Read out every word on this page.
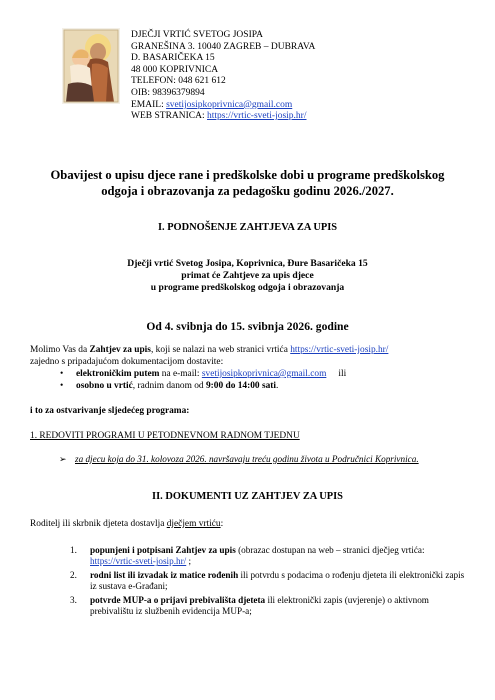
DJEČJI VRTIĆ SVETOG JOSIPA
GRANEŠINA 3. 10040 ZAGREB – DUBRAVA
D. BASARIČEKA 15
48 000 KOPRIVNICA
TELEFON: 048 621 612
OIB: 98396379894
EMAIL: svetijosipkoprivnica@gmail.com
WEB STRANICA: https://vrtic-sveti-josip.hr/
Obavijest o upisu djece rane i predškolske dobi u programe predškolskog odgoja i obrazovanja za pedagošku godinu 2026./2027.
I. PODNOŠENJE ZAHTJEVA ZA UPIS
Dječji vrtić Svetog Josipa, Koprivnica, Đure Basaričeka 15
primat će Zahtjeve za upis djece
u programe predškolskog odgoja i obrazovanja
Od 4. svibnja do 15. svibnja 2026. godine
Molimo Vas da Zahtjev za upis, koji se nalazi na web stranici vrtića https://vrtic-sveti-josip.hr/
zajedno s pripadajućom dokumentacijom dostavite:
• elektroničkim putem na e-mail: svetijosipkoprivnica@gmail.com ili
• osobno u vrtić, radnim danom od 9:00 do 14:00 sati.
i to za ostvarivanje sljedećeg programa:
1. REDOVITI PROGRAMI U PETODNEVNOM RADNOM TJEDNU
➢ za djecu koja do 31. kolovoza 2026. navršavaju treću godinu života u Područnici Koprivnica.
II. DOKUMENTI UZ ZAHTJEV ZA UPIS
Roditelj ili skrbnik djeteta dostavlja dječjem vrtiću:
1. popunjeni i potpisani Zahtjev za upis (obrazac dostupan na web – stranici dječjeg vrtića:
https://vrtic-sveti-josip.hr/ ;
2. rodni list ili izvadak iz matice rođenih ili potvrdu s podacima o rođenju djeteta ili elektronički zapis iz sustava e-Građani;
3. potvrde MUP-a o prijavi prebivališta djeteta ili elektronički zapis (uvjerenje) o aktivnom prebivalištu iz službenih evidencija MUP-a;
